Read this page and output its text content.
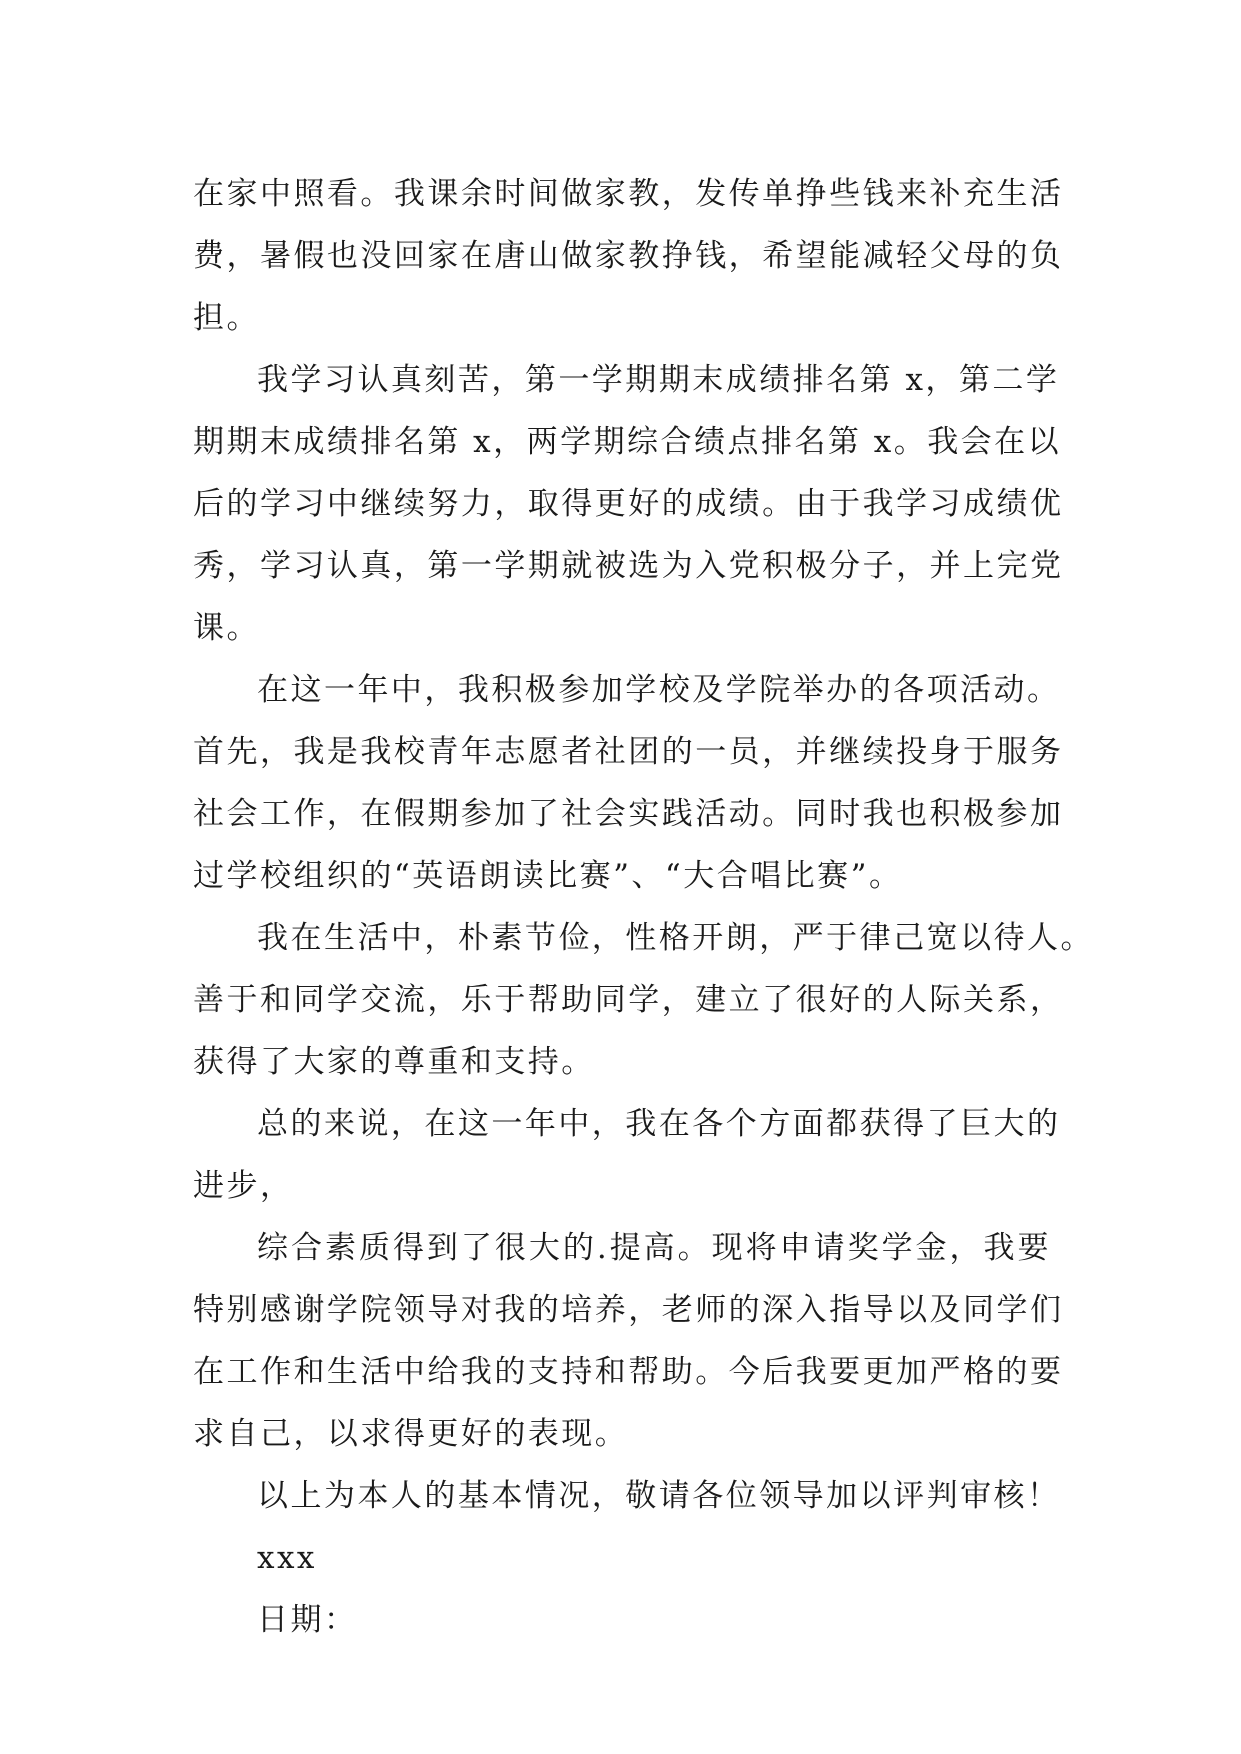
在家中照看。我课余时间做家教，发传单挣些钱来补充生活
费，暑假也没回家在唐山做家教挣钱，希望能减轻父母的负
担。
我学习认真刻苦，第一学期期末成绩排名第 x，第二学
期期末成绩排名第 x，两学期综合绩点排名第 x。我会在以
后的学习中继续努力，取得更好的成绩。由于我学习成绩优
秀，学习认真，第一学期就被选为入党积极分子，并上完党
课。
在这一年中，我积极参加学校及学院举办的各项活动。
首先，我是我校青年志愿者社团的一员，并继续投身于服务
社会工作，在假期参加了社会实践活动。同时我也积极参加
过学校组织的“英语朗读比赛”、“大合唱比赛”。
我在生活中，朴素节俭，性格开朗，严于律己宽以待人。
善于和同学交流，乐于帮助同学，建立了很好的人际关系，
获得了大家的尊重和支持。
总的来说，在这一年中，我在各个方面都获得了巨大的
进步，
综合素质得到了很大的.提高。现将申请奖学金，我要
特别感谢学院领导对我的培养，老师的深入指导以及同学们
在工作和生活中给我的支持和帮助。今后我要更加严格的要
求自己，以求得更好的表现。
以上为本人的基本情况，敬请各位领导加以评判审核！
xxx
日期：
